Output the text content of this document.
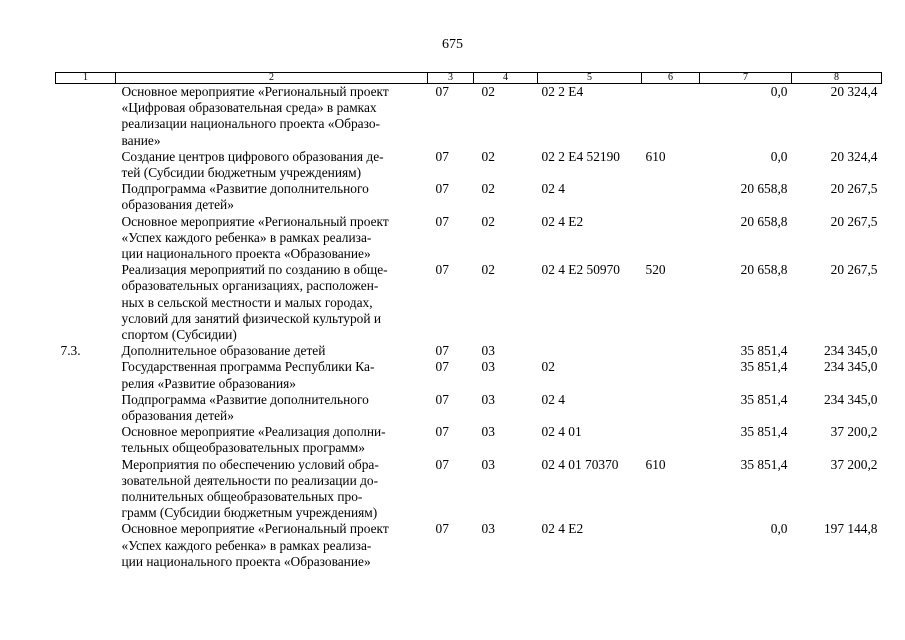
675
1	2	3	4	5	6	7	8

	Основное мероприятие «Региональный проект
«Цифровая образовательная среда» в рамках
реализации национального проекта «Образо-
вание»	07	02	02 2 E4		0,0	20 324,4

	Создание центров цифрового образования де-
тей (Субсидии бюджетным учреждениям)	07	02	02 2 E4 52190	610	0,0	20 324,4

	Подпрограмма «Развитие дополнительного
образования детей»	07	02	02 4		20 658,8	20 267,5

	Основное мероприятие «Региональный проект
«Успех каждого ребенка» в рамках реализа-
ции национального проекта «Образование»	07	02	02 4 E2		20 658,8	20 267,5

	Реализация мероприятий по созданию в обще-
образовательных организациях, расположен-
ных в сельской местности и малых городах,
условий для занятий физической культурой и
спортом (Субсидии)	07	02	02 4 E2 50970	520	20 658,8	20 267,5
7.3.	Дополнительное образование детей	07	03			35 851,4	234 345,0

	Государственная программа Республики Ка-
релия «Развитие образования»	07	03	02		35 851,4	234 345,0

	Подпрограмма «Развитие дополнительного
образования детей»	07	03	02 4		35 851,4	234 345,0

	Основное мероприятие «Реализация дополни-
тельных общеобразовательных программ»	07	03	02 4 01		35 851,4	37 200,2

	Мероприятия по обеспечению условий обра-
зовательной деятельности по реализации до-
полнительных общеобразовательных про-
грамм (Субсидии бюджетным учреждениям)	07	03	02 4 01 70370	610	35 851,4	37 200,2

	Основное мероприятие «Региональный проект
«Успех каждого ребенка» в рамках реализа-
ции национального проекта «Образование»	07	03	02 4 E2		0,0	197 144,8
